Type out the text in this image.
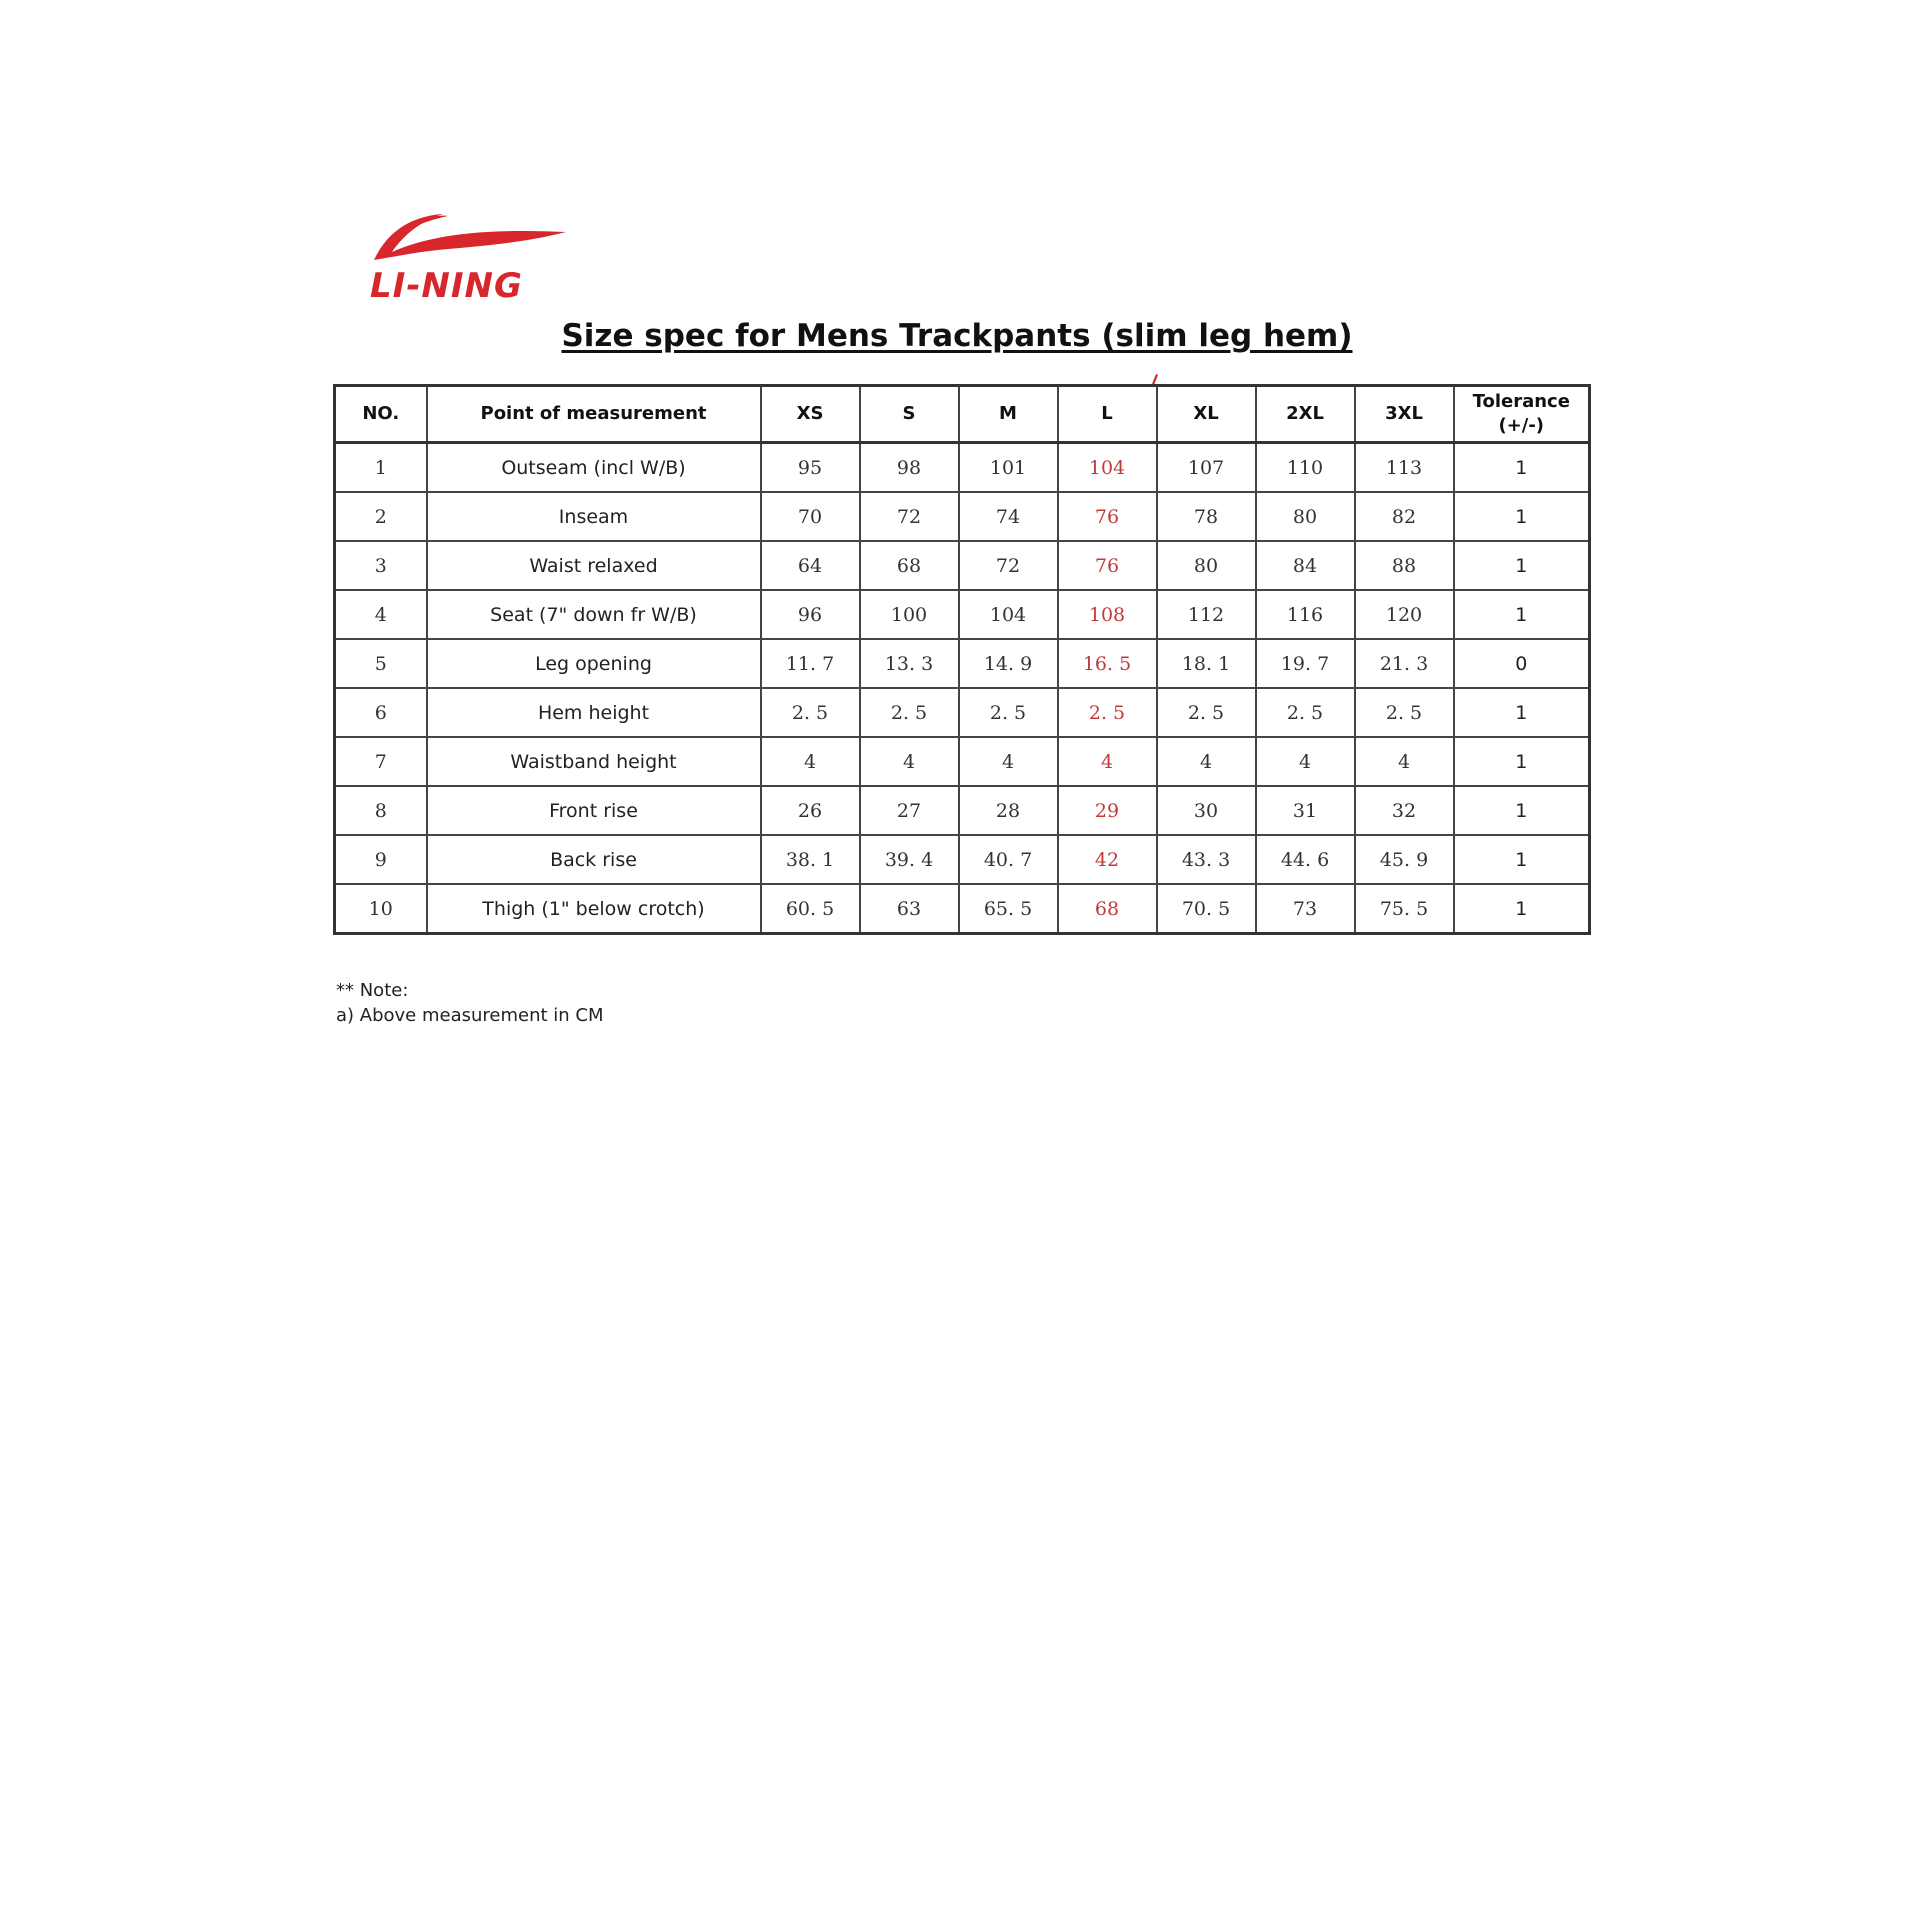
LI-NING
Size spec for Mens Trackpants (slim leg hem)
NO.	Point of measurement	XS	S	M	L	XL	2XL	3XL	Tolerance (+/-)
1	Outseam (incl W/B)	95	98	101	104	107	110	113	1
2	Inseam	70	72	74	76	78	80	82	1
3	Waist relaxed	64	68	72	76	80	84	88	1
4	Seat (7" down fr W/B)	96	100	104	108	112	116	120	1
5	Leg opening	11. 7	13. 3	14. 9	16. 5	18. 1	19. 7	21. 3	0
6	Hem height	2. 5	2. 5	2. 5	2. 5	2. 5	2. 5	2. 5	1
7	Waistband height	4	4	4	4	4	4	4	1
8	Front rise	26	27	28	29	30	31	32	1
9	Back rise	38. 1	39. 4	40. 7	42	43. 3	44. 6	45. 9	1
10	Thigh (1" below crotch)	60. 5	63	65. 5	68	70. 5	73	75. 5	1
** Note:
a) Above measurement in CM
